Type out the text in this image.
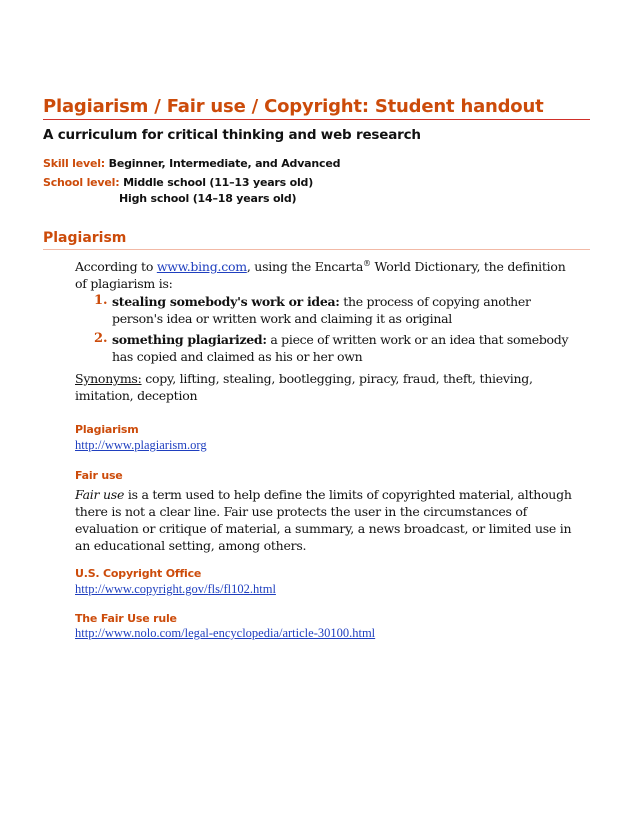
Plagiarism / Fair use / Copyright: Student handout
A curriculum for critical thinking and web research
Skill level: Beginner, Intermediate, and Advanced
School level: Middle school (11–13 years old)
High school (14–18 years old)
Plagiarism
According to www.bing.com, using the Encarta® World Dictionary, the definition of plagiarism is:
1. stealing somebody's work or idea: the process of copying another person's idea or written work and claiming it as original
2. something plagiarized: a piece of written work or an idea that somebody has copied and claimed as his or her own
Synonyms: copy, lifting, stealing, bootlegging, piracy, fraud, theft, thieving, imitation, deception
Plagiarism
http://www.plagiarism.org
Fair use
Fair use is a term used to help define the limits of copyrighted material, although there is not a clear line. Fair use protects the user in the circumstances of evaluation or critique of material, a summary, a news broadcast, or limited use in an educational setting, among others.
U.S. Copyright Office
http://www.copyright.gov/fls/fl102.html
The Fair Use rule
http://www.nolo.com/legal-encyclopedia/article-30100.html
